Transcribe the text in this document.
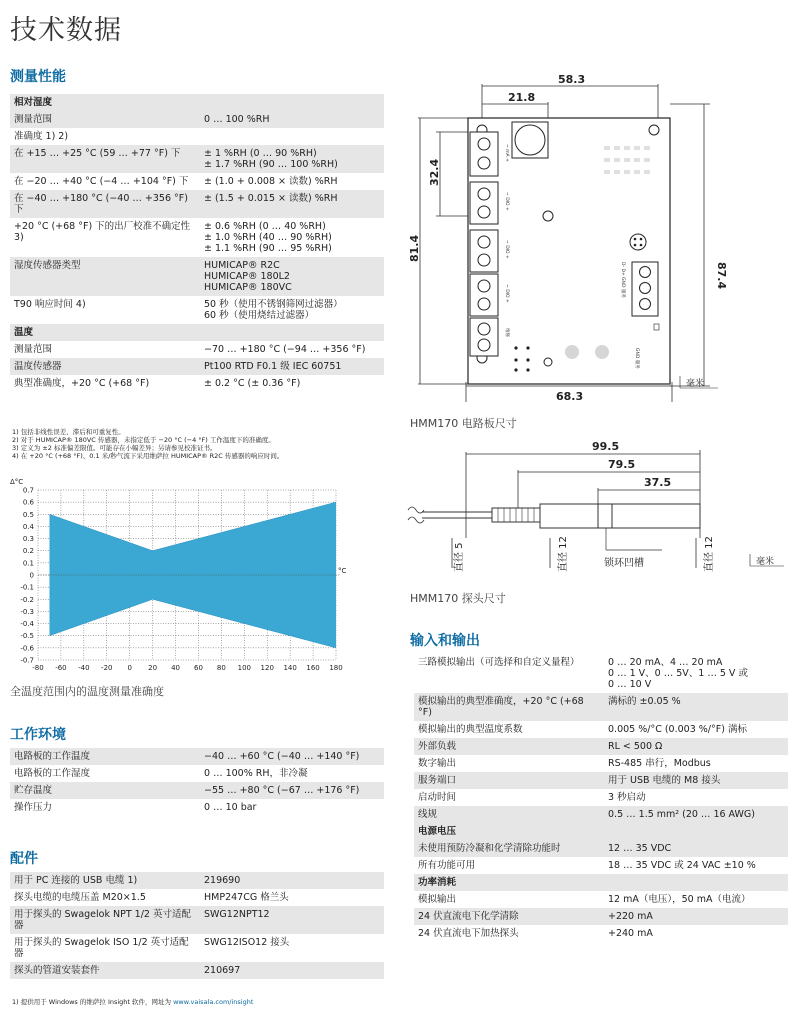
技术数据
测量性能
相对湿度	
测量范围	0 … 100 %RH
准确度 1) 2)	
在 +15 … +25 °C (59 … +77 °F) 下	± 1 %RH (0 … 90 %RH)
± 1.7 %RH (90 … 100 %RH)
在 −20 … +40 °C (−4 … +104 °F) 下	± (1.0 + 0.008 × 读数) %RH
在 −40 … +180 °C (−40 … +356 °F) 下	± (1.5 + 0.015 × 读数) %RH
+20 °C (+68 °F) 下的出厂校准不确定性 3)	± 0.6 %RH (0 … 40 %RH)
± 1.0 %RH (40 … 90 %RH)
± 1.1 %RH (90 … 95 %RH)
湿度传感器类型	HUMICAP® R2C
HUMICAP® 180L2
HUMICAP® 180VC
T90 响应时间 4)	50 秒（使用不锈钢筛网过滤器）
60 秒（使用烧结过滤器）
温度	
测量范围	−70 … +180 °C (−94 … +356 °F)
温度传感器	Pt100 RTD F0.1 级 IEC 60751
典型准确度，+20 °C (+68 °F)	± 0.2 °C (± 0.36 °F)
1) 包括非线性误差、滞后和可重复性。
2) 对于 HUMICAP® 180VC 传感器，未指定低于 −20 °C (−4 °F) 工作温度下的准确度。
3) 定义为 ±2 标准偏差限值。可能存在小幅差异；另请参见校准证书。
4) 在 +20 °C (+68 °F)、0.1 米/秒气流下采用维萨拉 HUMICAP® R2C 传感器的响应时间。
-80 -60 -40 -20 0 20 40 60 80 100 120 140 160 180
0.7
0.6
0.5
0.4
0.3
0.2
0.1
0
-0.1
-0.2
-0.3
-0.4
-0.5
-0.6
-0.7
Δ°C
°C
全温度范围内的温度测量准确度
工作环境
电路板的工作温度	−40 … +60 °C (−40 … +140 °F)
电路板的工作湿度	0 … 100% RH，非冷凝
贮存温度	−55 … +80 °C (−67 … +176 °F)
操作压力	0 … 10 bar
配件
用于 PC 连接的 USB 电缆 1)	219690
探头电缆的电缆压盖 M20×1.5	HMP247CG 格兰头
用于探头的 Swagelok NPT 1/2 英寸适配器	SWG12NPT12
用于探头的 Swagelok ISO 1/2 英寸适配器	SWG12ISO12 接头
探头的管道安装套件	210697
1) 提供用于 Windows 的维萨拉 Insight 软件，网址为 www.vaisala.com/insight
~ mA +
~ DIO +
~ DIO +
~ DIO +
维修
D- D+ GND 服务
GND 服务
58.3
21.8
32.4
81.4
87.4
68.3
毫米
HMM170 电路板尺寸
99.5
79.5
37.5
直径 5	直径 12	直径 12
锁环凹槽	毫米
HMM170 探头尺寸
输入和输出
三路模拟输出（可选择和自定义量程）	0 … 20 mA、4 … 20 mA
0 … 1 V、0 … 5V、1 … 5 V 或
0 … 10 V
模拟输出的典型准确度，+20 °C (+68 °F)	满标的 ±0.05 %
模拟输出的典型温度系数	0.005 %/°C (0.003 %/°F) 满标
外部负载	RL < 500 Ω
数字输出	RS-485 串行，Modbus
服务端口	用于 USB 电缆的 M8 接头
启动时间	3 秒启动
线规	0.5 … 1.5 mm² (20 … 16 AWG)
电源电压	
未使用预防冷凝和化学清除功能时	12 … 35 VDC
所有功能可用	18 … 35 VDC 或 24 VAC ±10 %
功率消耗	
模拟输出	12 mA（电压），50 mA（电流）
24 伏直流电下化学清除	+220 mA
24 伏直流电下加热探头	+240 mA
